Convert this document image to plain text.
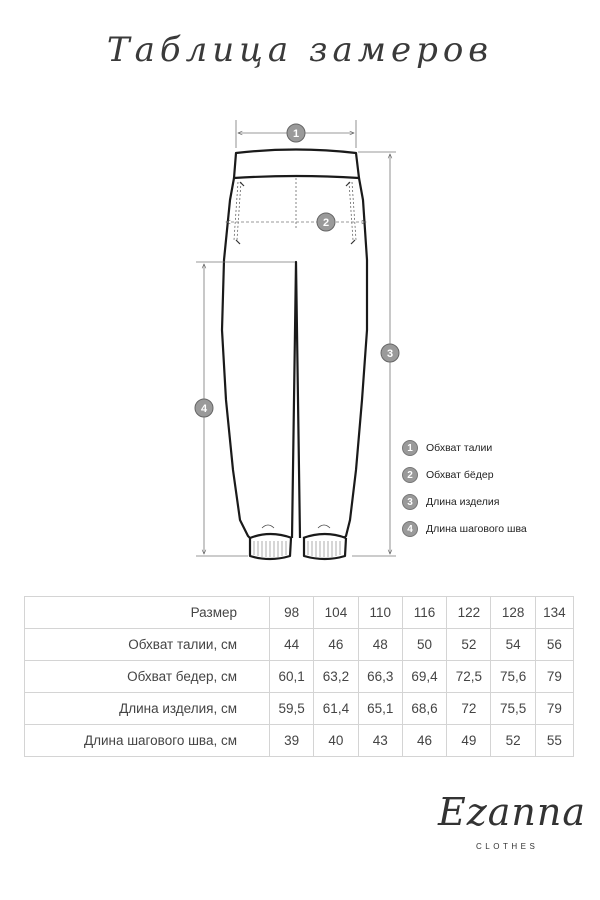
Таблица замеров
1
2
3
4
1	Обхват талии
2	Обхват бёдер
3	Длина изделия
4	Длина шагового шва
Размер	98	104	110	116	122	128	134
Обхват талии, см	44	46	48	50	52	54	56
Обхват бедер, см	60,1	63,2	66,3	69,4	72,5	75,6	79
Длина изделия, см	59,5	61,4	65,1	68,6	72	75,5	79
Длина шагового шва, см	39	40	43	46	49	52	55
Ezanna
CLOTHES
